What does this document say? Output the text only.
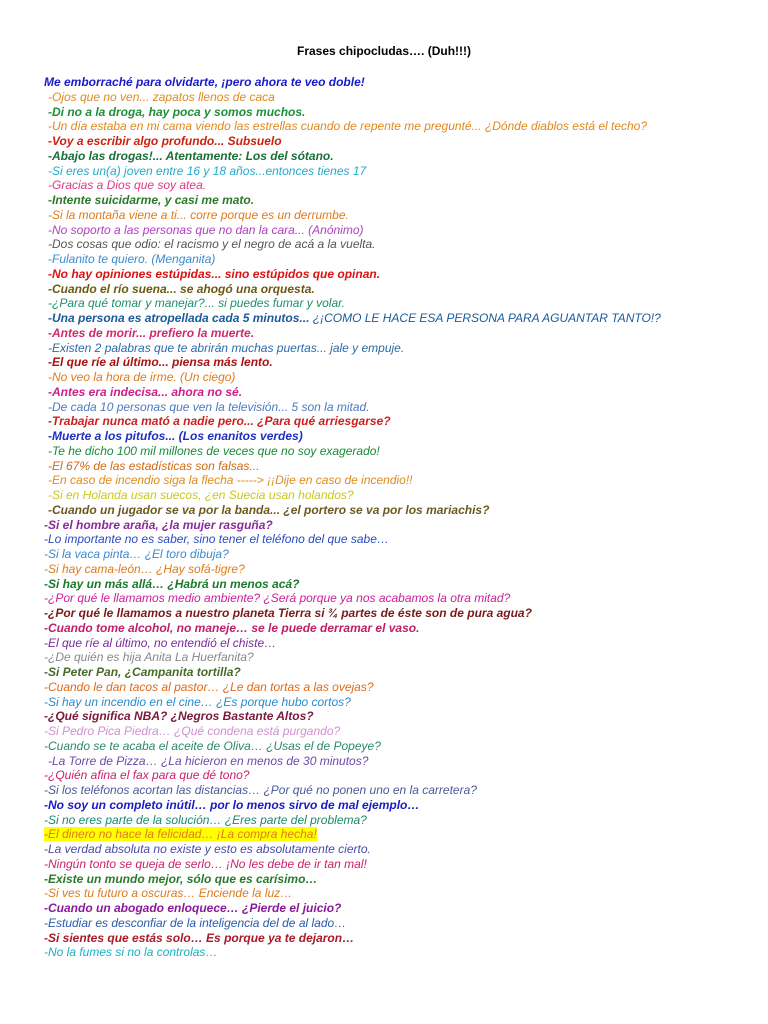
Frases chipocludas…. (Duh!!!)
Me emborraché para olvidarte, ¡pero ahora te veo doble!
-Ojos que no ven... zapatos llenos de caca
-Di no a la droga, hay poca y somos muchos.
-Un día estaba en mi cama viendo las estrellas cuando de repente me pregunté... ¿Dónde diablos está el techo?
-Voy a escribir algo profundo... Subsuelo
-Abajo las drogas!... Atentamente: Los del sótano.
-Si eres un(a) joven entre 16 y 18 años...entonces tienes 17
-Gracias a Dios que soy atea.
-Intente suicidarme, y casi me mato.
-Si la montaña viene a ti... corre porque es un derrumbe.
-No soporto a las personas que no dan la cara... (Anónimo)
-Dos cosas que odio: el racismo y el negro de acá a la vuelta.
-Fulanito te quiero. (Menganita)
-No hay opiniones estúpidas... sino estúpidos que opinan.
-Cuando el río suena... se ahogó una orquesta.
-¿Para qué tomar y manejar?... si puedes fumar y volar.
-Una persona es atropellada cada 5 minutos... ¿¡COMO LE HACE ESA PERSONA PARA AGUANTAR TANTO!?
-Antes de morir... prefiero la muerte.
-Existen 2 palabras que te abrirán muchas puertas... jale y empuje.
-El que ríe al último... piensa más lento.
-No veo la hora de irme. (Un ciego)
-Antes era indecisa... ahora no sé.
-De cada 10 personas que ven la televisión... 5 son la mitad.
-Trabajar nunca mató a nadie pero... ¿Para qué arriesgarse?
-Muerte a los pitufos... (Los enanitos verdes)
-Te he dicho 100 mil millones de veces que no soy exagerado!
-El 67% de las estadísticas son falsas...
-En caso de incendio siga la flecha -----> ¡¡Dije en caso de incendio!!
-Si en Holanda usan suecos, ¿en Suecia usan holandos?
-Cuando un jugador se va por la banda... ¿el portero se va por los mariachis?
-Si el hombre araña, ¿la mujer rasguña?
-Lo importante no es saber, sino tener el teléfono del que sabe…
-Si la vaca pinta… ¿El toro dibuja?
-Si hay cama-león… ¿Hay sofá-tigre?
-Si hay un más allá… ¿Habrá un menos acá?
-¿Por qué le llamamos medio ambiente? ¿Será porque ya nos acabamos la otra mitad?
-¿Por qué le llamamos a nuestro planeta Tierra si ¾ partes de éste son de pura agua?
-Cuando tome alcohol, no maneje… se le puede derramar el vaso.
-El que ríe al último, no entendió el chiste…
-¿De quién es hija Anita La Huerfanita?
-Si Peter Pan, ¿Campanita tortilla?
-Cuando le dan tacos al pastor… ¿Le dan tortas a las ovejas?
-Si hay un incendio en el cine… ¿Es porque hubo cortos?
-¿Qué significa NBA? ¿Negros Bastante Altos?
-Si Pedro Pica Piedra… ¿Qué condena está purgando?
-Cuando se te acaba el aceite de Oliva… ¿Usas el de Popeye?
-La Torre de Pizza… ¿La hicieron en menos de 30 minutos?
-¿Quién afina el fax para que dé tono?
-Si los teléfonos acortan las distancias… ¿Por qué no ponen uno en la carretera?
-No soy un completo inútil… por lo menos sirvo de mal ejemplo…
-Si no eres parte de la solución… ¿Eres parte del problema?
-El dinero no hace la felicidad… ¡La compra hecha!
-La verdad absoluta no existe y esto es absolutamente cierto.
-Ningún tonto se queja de serlo… ¡No les debe de ir tan mal!
-Existe un mundo mejor, sólo que es carísimo…
-Si ves tu futuro a oscuras… Enciende la luz…
-Cuando un abogado enloquece… ¿Pierde el juicio?
-Estudiar es desconfiar de la inteligencia del de al lado…
-Si sientes que estás solo… Es porque ya te dejaron…
-No la fumes si no la controlas…
